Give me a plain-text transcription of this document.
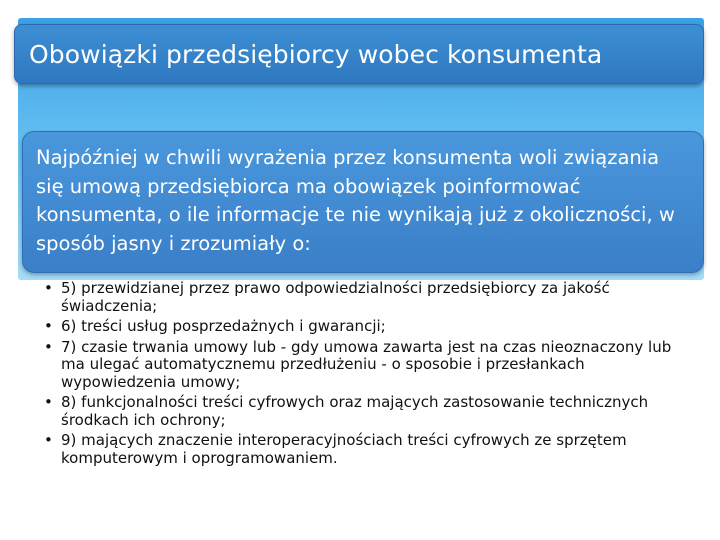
Obowiązki przedsiębiorcy wobec konsumenta

Najpóźniej w chwili wyrażenia przez konsumenta woli związania się umową przedsiębiorca ma obowiązek poinformować konsumenta, o ile informacje te nie wynikają już z okoliczności, w sposób jasny i zrozumiały o:

• 5) przewidzianej przez prawo odpowiedzialności przedsiębiorcy za jakość świadczenia;
• 6) treści usług posprzedażnych i gwarancji;
• 7) czasie trwania umowy lub - gdy umowa zawarta jest na czas nieoznaczony lub ma ulegać automatycznemu przedłużeniu - o sposobie i przesłankach wypowiedzenia umowy;
• 8) funkcjonalności treści cyfrowych oraz mających zastosowanie technicznych środkach ich ochrony;
• 9) mających znaczenie interoperacyjnościach treści cyfrowych ze sprzętem komputerowym i oprogramowaniem.
